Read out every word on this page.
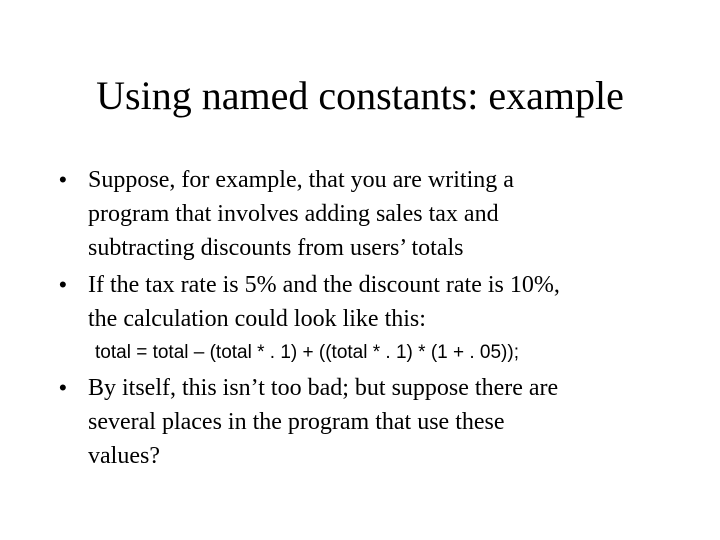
Using named constants: example
• Suppose, for example, that you are writing a
program that involves adding sales tax and
subtracting discounts from users’ totals
• If the tax rate is 5% and the discount rate is 10%,
the calculation could look like this:
total = total – (total * . 1) + ((total * . 1) * (1 + . 05));
• By itself, this isn’t too bad; but suppose there are
several places in the program that use these
values?
